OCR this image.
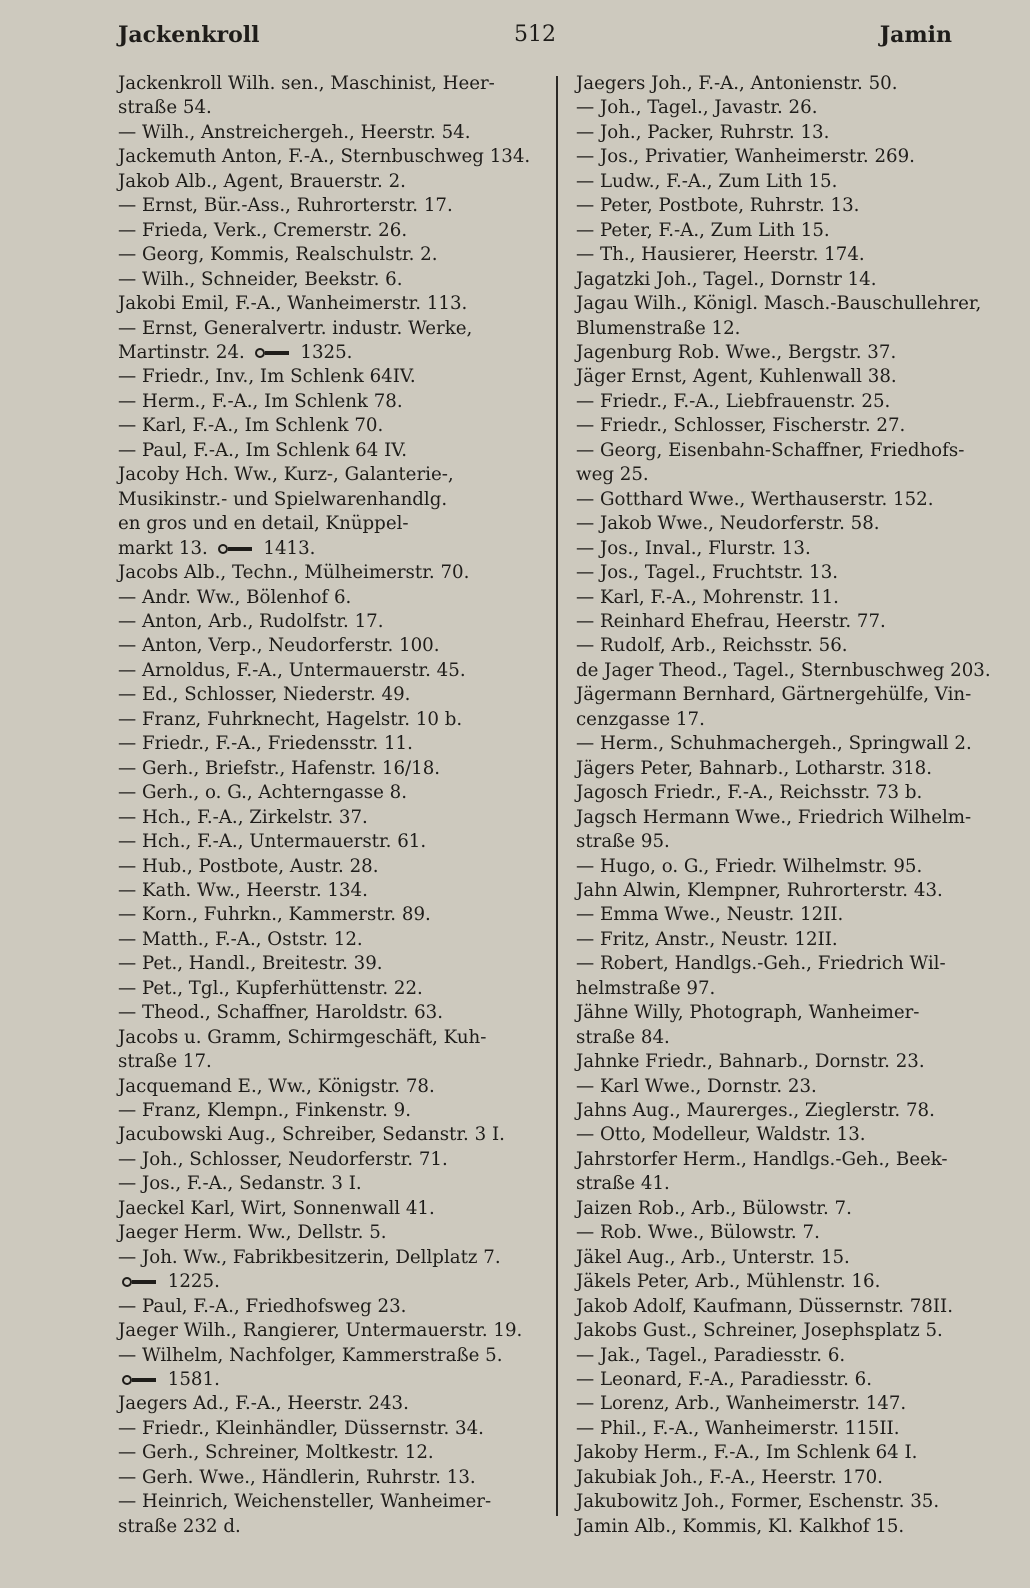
Jackenkroll	512	Jamin
Jackenkroll Wilh. sen., Maschinist, Heer-
straße 54.
— Wilh., Anstreichergeh., Heerstr. 54.
Jackemuth Anton, F.-A., Sternbuschweg 134.
Jakob Alb., Agent, Brauerstr. 2.
— Ernst, Bür.-Ass., Ruhrorterstr. 17.
— Frieda, Verk., Cremerstr. 26.
— Georg, Kommis, Realschulstr. 2.
— Wilh., Schneider, Beekstr. 6.
Jakobi Emil, F.-A., Wanheimerstr. 113.
— Ernst, Generalvertr. industr. Werke,
Martinstr. 24.  1325.
— Friedr., Inv., Im Schlenk 64IV.
— Herm., F.-A., Im Schlenk 78.
— Karl, F.-A., Im Schlenk 70.
— Paul, F.-A., Im Schlenk 64 IV.
Jacoby Hch. Ww., Kurz-, Galanterie-,
Musikinstr.- und Spielwarenhandlg.
en gros und en detail, Knüppel-
markt 13.  1413.
Jacobs Alb., Techn., Mülheimerstr. 70.
— Andr. Ww., Bölenhof 6.
— Anton, Arb., Rudolfstr. 17.
— Anton, Verp., Neudorferstr. 100.
— Arnoldus, F.-A., Untermauerstr. 45.
— Ed., Schlosser, Niederstr. 49.
— Franz, Fuhrknecht, Hagelstr. 10 b.
— Friedr., F.-A., Friedensstr. 11.
— Gerh., Briefstr., Hafenstr. 16/18.
— Gerh., o. G., Achterngasse 8.
— Hch., F.-A., Zirkelstr. 37.
— Hch., F.-A., Untermauerstr. 61.
— Hub., Postbote, Austr. 28.
— Kath. Ww., Heerstr. 134.
— Korn., Fuhrkn., Kammerstr. 89.
— Matth., F.-A., Oststr. 12.
— Pet., Handl., Breitestr. 39.
— Pet., Tgl., Kupferhüttenstr. 22.
— Theod., Schaffner, Haroldstr. 63.
Jacobs u. Gramm, Schirmgeschäft, Kuh-
straße 17.
Jacquemand E., Ww., Königstr. 78.
— Franz, Klempn., Finkenstr. 9.
Jacubowski Aug., Schreiber, Sedanstr. 3 I.
— Joh., Schlosser, Neudorferstr. 71.
— Jos., F.-A., Sedanstr. 3 I.
Jaeckel Karl, Wirt, Sonnenwall 41.
Jaeger Herm. Ww., Dellstr. 5.
— Joh. Ww., Fabrikbesitzerin, Dellplatz 7.
1225.
— Paul, F.-A., Friedhofsweg 23.
Jaeger Wilh., Rangierer, Untermauerstr. 19.
— Wilhelm, Nachfolger, Kammerstraße 5.
1581.
Jaegers Ad., F.-A., Heerstr. 243.
— Friedr., Kleinhändler, Düssernstr. 34.
— Gerh., Schreiner, Moltkestr. 12.
— Gerh. Wwe., Händlerin, Ruhrstr. 13.
— Heinrich, Weichensteller, Wanheimer-
straße 232 d.
Jaegers Joh., F.-A., Antonienstr. 50.
— Joh., Tagel., Javastr. 26.
— Joh., Packer, Ruhrstr. 13.
— Jos., Privatier, Wanheimerstr. 269.
— Ludw., F.-A., Zum Lith 15.
— Peter, Postbote, Ruhrstr. 13.
— Peter, F.-A., Zum Lith 15.
— Th., Hausierer, Heerstr. 174.
Jagatzki Joh., Tagel., Dornstr 14.
Jagau Wilh., Königl. Masch.-Bauschullehrer,
Blumenstraße 12.
Jagenburg Rob. Wwe., Bergstr. 37.
Jäger Ernst, Agent, Kuhlenwall 38.
— Friedr., F.-A., Liebfrauenstr. 25.
— Friedr., Schlosser, Fischerstr. 27.
— Georg, Eisenbahn-Schaffner, Friedhofs-
weg 25.
— Gotthard Wwe., Werthauserstr. 152.
— Jakob Wwe., Neudorferstr. 58.
— Jos., Inval., Flurstr. 13.
— Jos., Tagel., Fruchtstr. 13.
— Karl, F.-A., Mohrenstr. 11.
— Reinhard Ehefrau, Heerstr. 77.
— Rudolf, Arb., Reichsstr. 56.
de Jager Theod., Tagel., Sternbuschweg 203.
Jägermann Bernhard, Gärtnergehülfe, Vin-
cenzgasse 17.
— Herm., Schuhmachergeh., Springwall 2.
Jägers Peter, Bahnarb., Lotharstr. 318.
Jagosch Friedr., F.-A., Reichsstr. 73 b.
Jagsch Hermann Wwe., Friedrich Wilhelm-
straße 95.
— Hugo, o. G., Friedr. Wilhelmstr. 95.
Jahn Alwin, Klempner, Ruhrorterstr. 43.
— Emma Wwe., Neustr. 12II.
— Fritz, Anstr., Neustr. 12II.
— Robert, Handlgs.-Geh., Friedrich Wil-
helmstraße 97.
Jähne Willy, Photograph, Wanheimer-
straße 84.
Jahnke Friedr., Bahnarb., Dornstr. 23.
— Karl Wwe., Dornstr. 23.
Jahns Aug., Maurerges., Zieglerstr. 78.
— Otto, Modelleur, Waldstr. 13.
Jahrstorfer Herm., Handlgs.-Geh., Beek-
straße 41.
Jaizen Rob., Arb., Bülowstr. 7.
— Rob. Wwe., Bülowstr. 7.
Jäkel Aug., Arb., Unterstr. 15.
Jäkels Peter, Arb., Mühlenstr. 16.
Jakob Adolf, Kaufmann, Düssernstr. 78II.
Jakobs Gust., Schreiner, Josephsplatz 5.
— Jak., Tagel., Paradiesstr. 6.
— Leonard, F.-A., Paradiesstr. 6.
— Lorenz, Arb., Wanheimerstr. 147.
— Phil., F.-A., Wanheimerstr. 115II.
Jakoby Herm., F.-A., Im Schlenk 64 I.
Jakubiak Joh., F.-A., Heerstr. 170.
Jakubowitz Joh., Former, Eschenstr. 35.
Jamin Alb., Kommis, Kl. Kalkhof 15.
